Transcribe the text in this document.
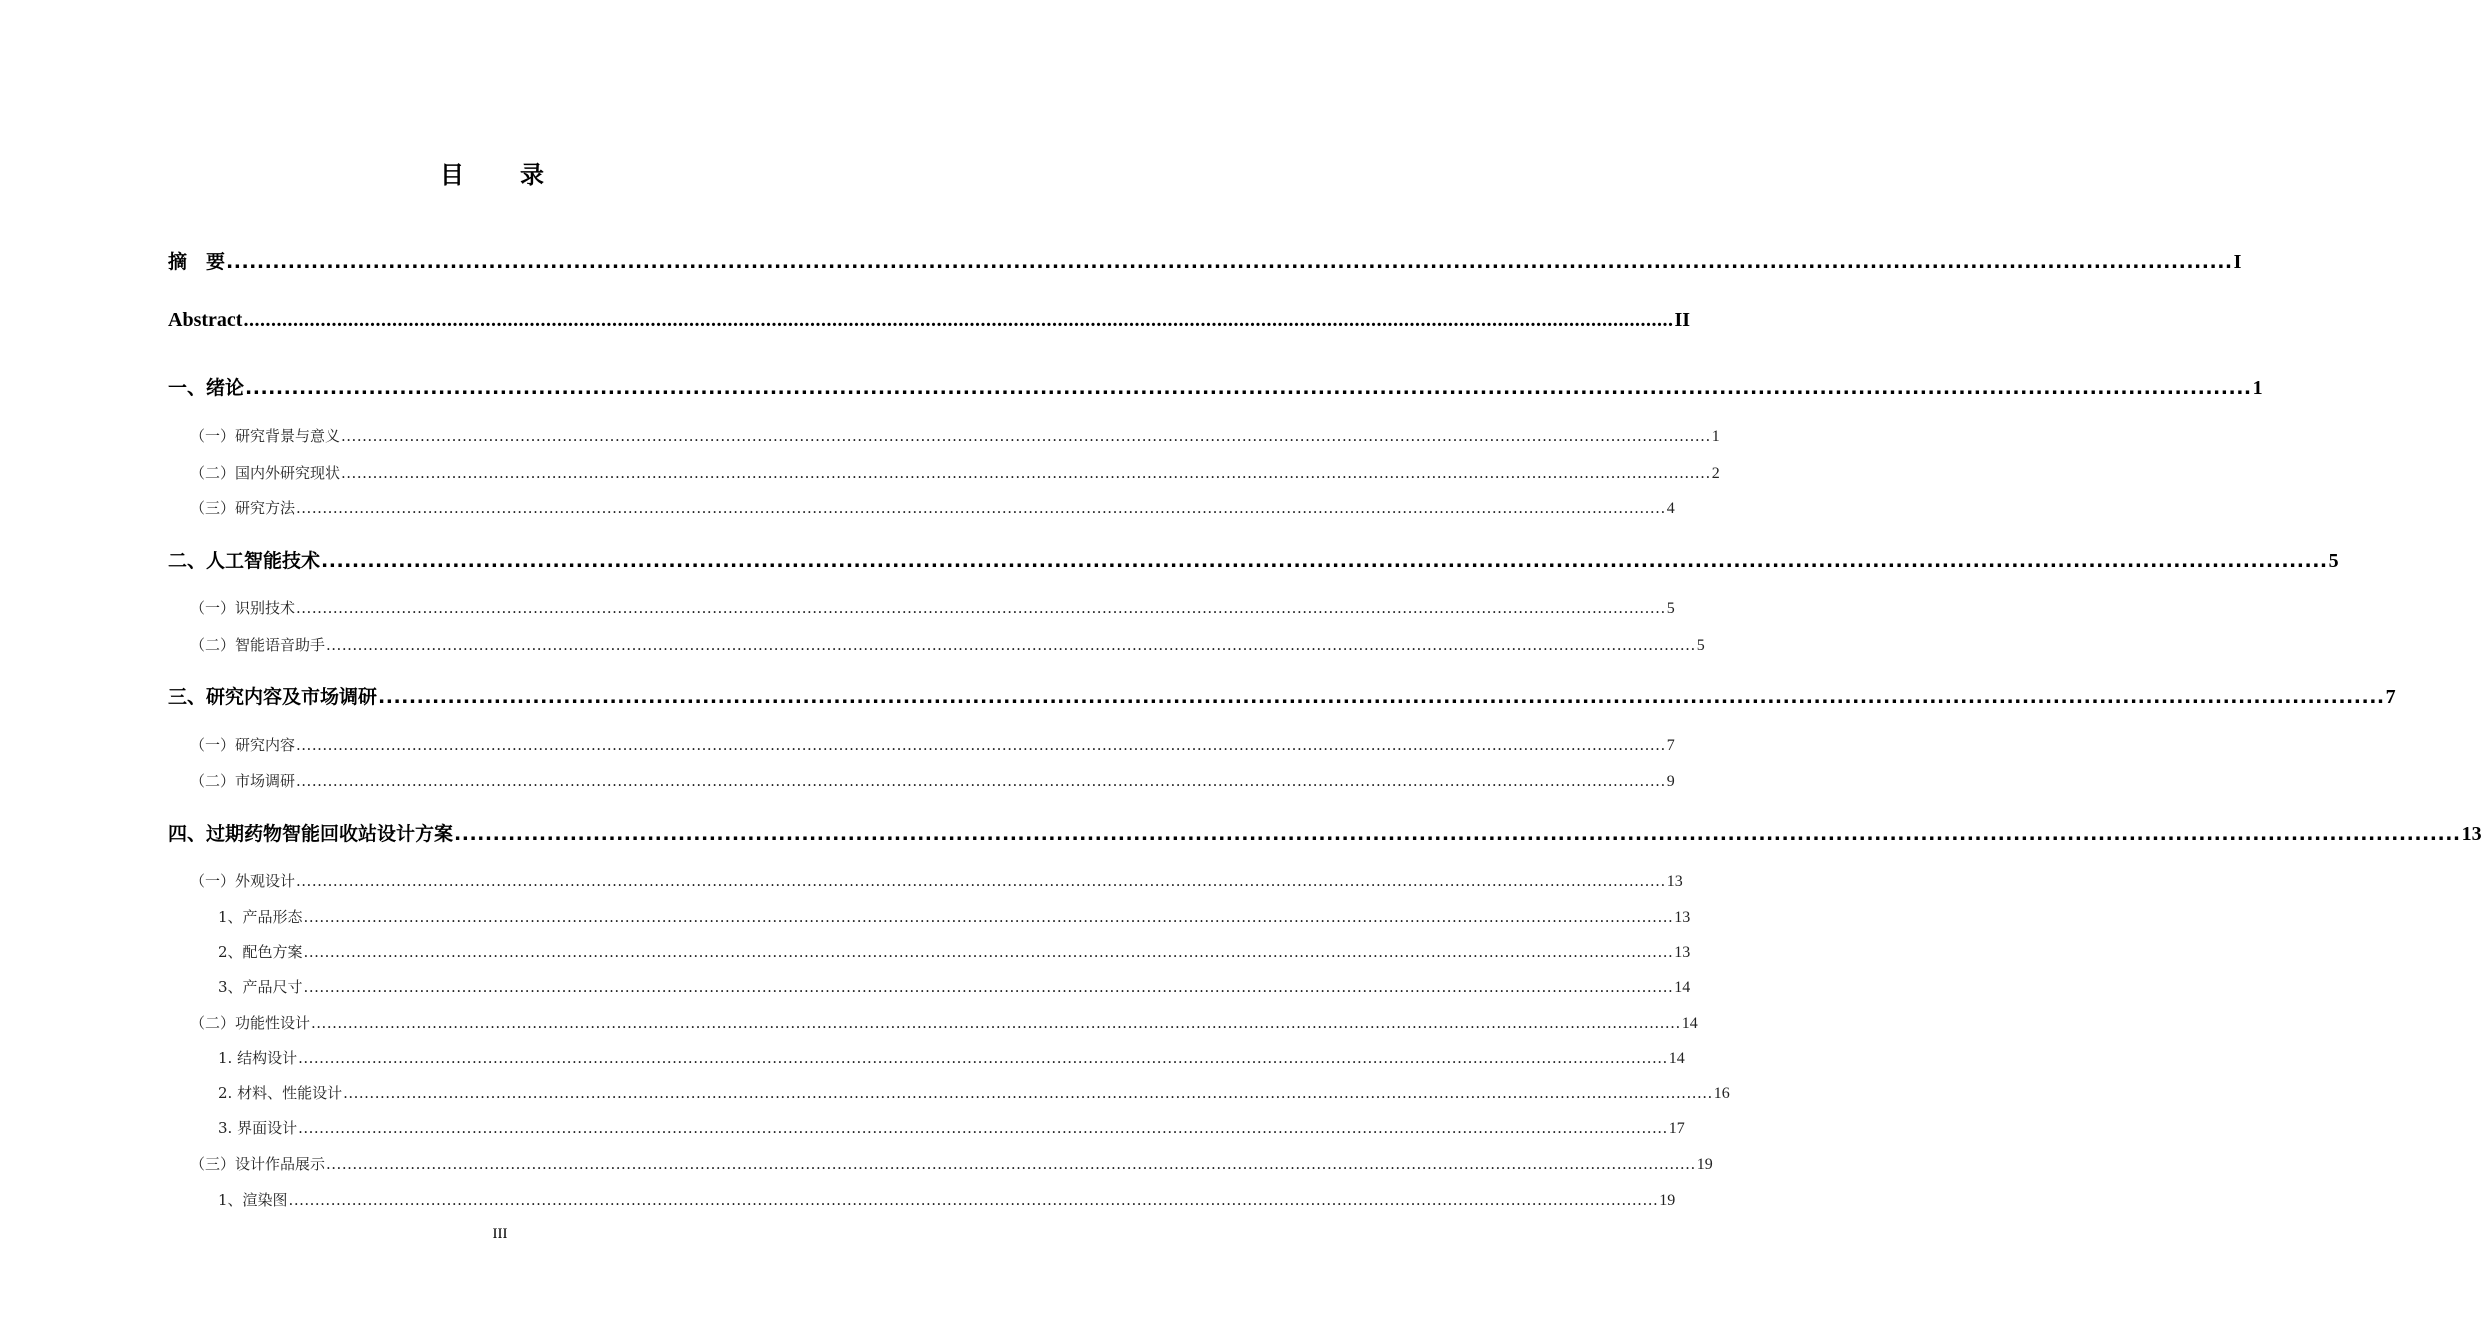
目　录
摘　要 .................................................................................................................................................................................................................................................................... I
Abstract .................................................................................................................................................................................................................................................................... II
一、绪论 .................................................................................................................................................................................................................................................................... 1
（一）研究背景与意义 .................................................................................................................................................................................................................................................................... 1
（二）国内外研究现状 .................................................................................................................................................................................................................................................................... 2
（三）研究方法 .................................................................................................................................................................................................................................................................... 4
二、人工智能技术 .................................................................................................................................................................................................................................................................... 5
（一）识别技术 .................................................................................................................................................................................................................................................................... 5
（二）智能语音助手 .................................................................................................................................................................................................................................................................... 5
三、研究内容及市场调研 .................................................................................................................................................................................................................................................................... 7
（一）研究内容 .................................................................................................................................................................................................................................................................... 7
（二）市场调研 .................................................................................................................................................................................................................................................................... 9
四、过期药物智能回收站设计方案 .................................................................................................................................................................................................................................................................... 13
（一）外观设计 .................................................................................................................................................................................................................................................................... 13
1、产品形态 .................................................................................................................................................................................................................................................................... 13
2、配色方案 .................................................................................................................................................................................................................................................................... 13
3、产品尺寸 .................................................................................................................................................................................................................................................................... 14
（二）功能性设计 .................................................................................................................................................................................................................................................................... 14
1. 结构设计 .................................................................................................................................................................................................................................................................... 14
2. 材料、性能设计 .................................................................................................................................................................................................................................................................... 16
3. 界面设计 .................................................................................................................................................................................................................................................................... 17
（三）设计作品展示 .................................................................................................................................................................................................................................................................... 19
1、渲染图 .................................................................................................................................................................................................................................................................... 19
III
